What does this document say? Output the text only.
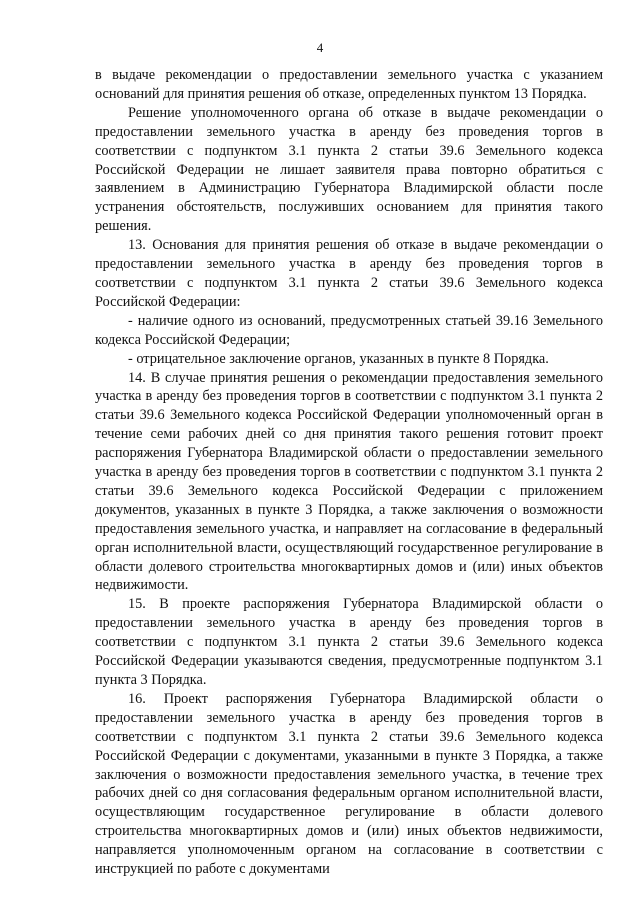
4

в выдаче рекомендации о предоставлении земельного участка с указанием оснований для принятия решения об отказе, определенных пунктом 13 Порядка.

Решение уполномоченного органа об отказе в выдаче рекомендации о предоставлении земельного участка в аренду без проведения торгов в соответствии с подпунктом 3.1 пункта 2 статьи 39.6 Земельного кодекса Российской Федерации не лишает заявителя права повторно обратиться с заявлением в Администрацию Губернатора Владимирской области после устранения обстоятельств, послуживших основанием для принятия такого решения.

13. Основания для принятия решения об отказе в выдаче рекомендации о предоставлении земельного участка в аренду без проведения торгов в соответствии с подпунктом 3.1 пункта 2 статьи 39.6 Земельного кодекса Российской Федерации:

- наличие одного из оснований, предусмотренных статьей 39.16 Земельного кодекса Российской Федерации;

- отрицательное заключение органов, указанных в пункте 8 Порядка.

14. В случае принятия решения о рекомендации предоставления земельного участка в аренду без проведения торгов в соответствии с подпунктом 3.1 пункта 2 статьи 39.6 Земельного кодекса Российской Федерации уполномоченный орган в течение семи рабочих дней со дня принятия такого решения готовит проект распоряжения Губернатора Владимирской области о предоставлении земельного участка в аренду без проведения торгов в соответствии с подпунктом 3.1 пункта 2 статьи 39.6 Земельного кодекса Российской Федерации с приложением документов, указанных в пункте 3 Порядка, а также заключения о возможности предоставления земельного участка, и направляет на согласование в федеральный орган исполнительной власти, осуществляющий государственное регулирование в области долевого строительства многоквартирных домов и (или) иных объектов недвижимости.

15. В проекте распоряжения Губернатора Владимирской области о предоставлении земельного участка в аренду без проведения торгов в соответствии с подпунктом 3.1 пункта 2 статьи 39.6 Земельного кодекса Российской Федерации указываются сведения, предусмотренные подпунктом 3.1 пункта 3 Порядка.

16. Проект распоряжения Губернатора Владимирской области о предоставлении земельного участка в аренду без проведения торгов в соответствии с подпунктом 3.1 пункта 2 статьи 39.6 Земельного кодекса Российской Федерации с документами, указанными в пункте 3 Порядка, а также заключения о возможности предоставления земельного участка, в течение трех рабочих дней со дня согласования федеральным органом исполнительной власти, осуществляющим государственное регулирование в области долевого строительства многоквартирных домов и (или) иных объектов недвижимости, направляется уполномоченным органом на согласование в соответствии с инструкцией по работе с документами
